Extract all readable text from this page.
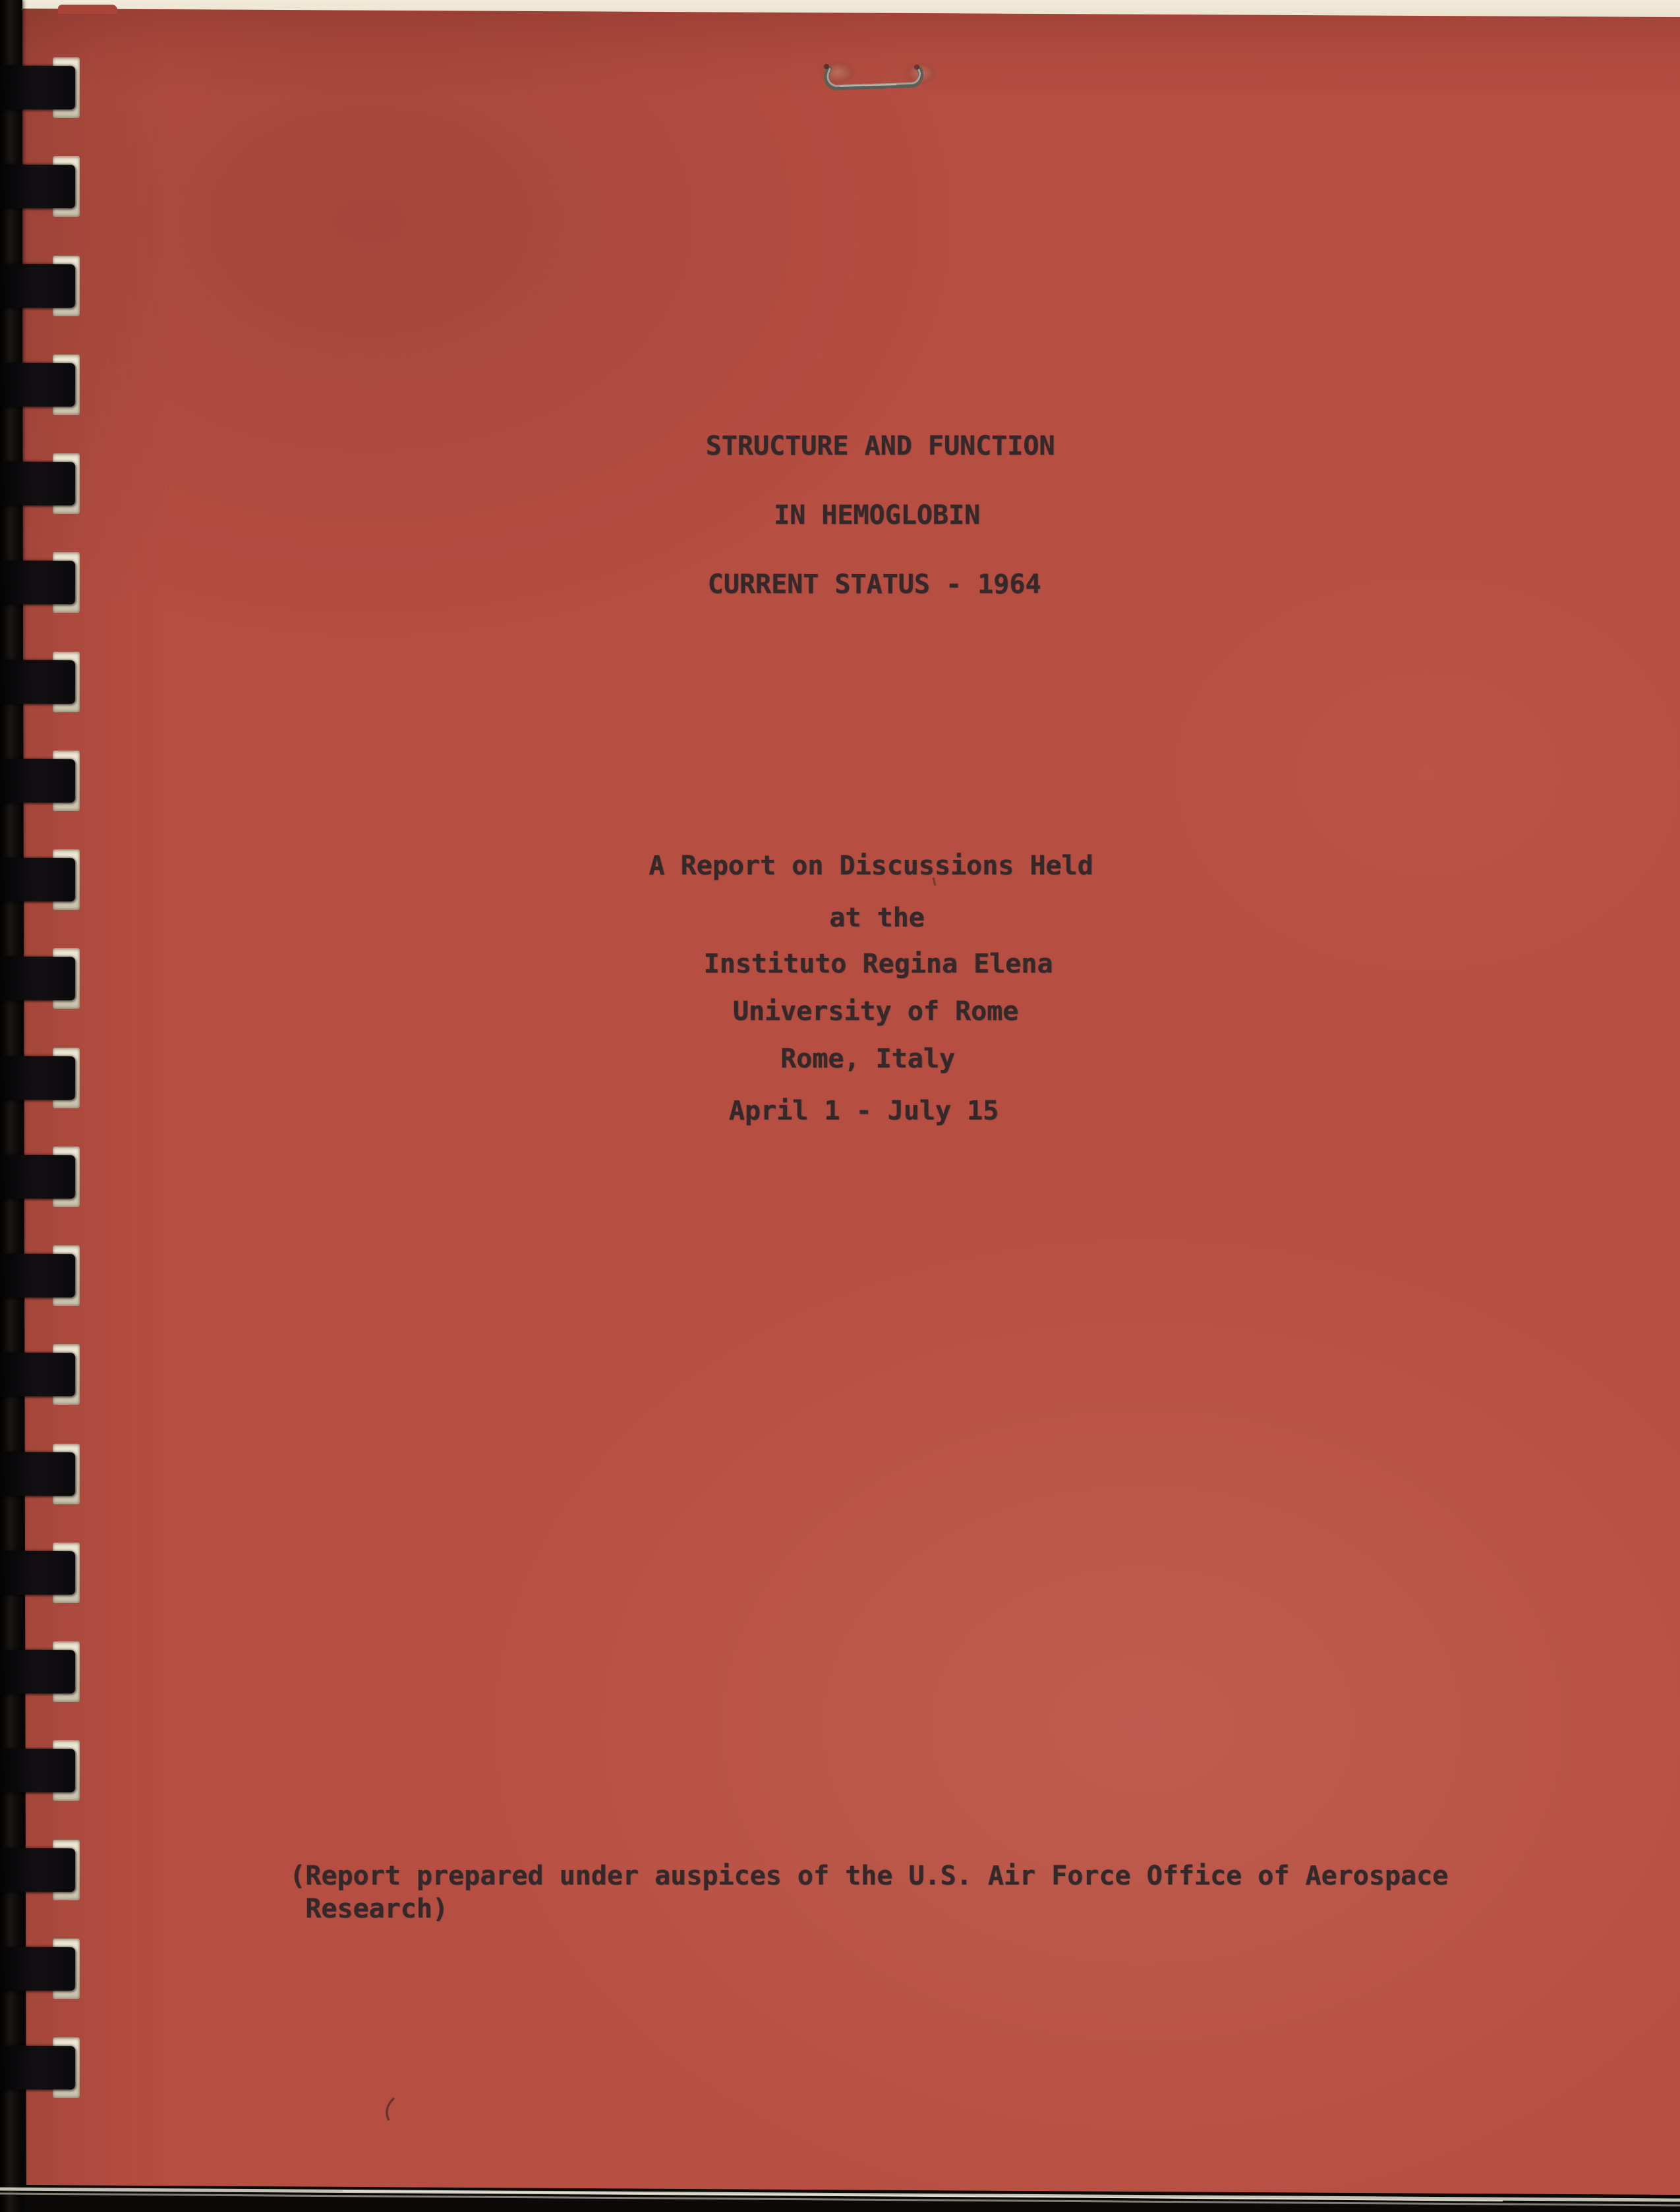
STRUCTURE AND FUNCTION

IN HEMOGLOBIN

CURRENT STATUS - 1964

A Report on Discussions Held

at the

Instituto Regina Elena

University of Rome

Rome, Italy

April 1 - July 15

(Report prepared under auspices of the U.S. Air Force Office of Aerospace

Research)
